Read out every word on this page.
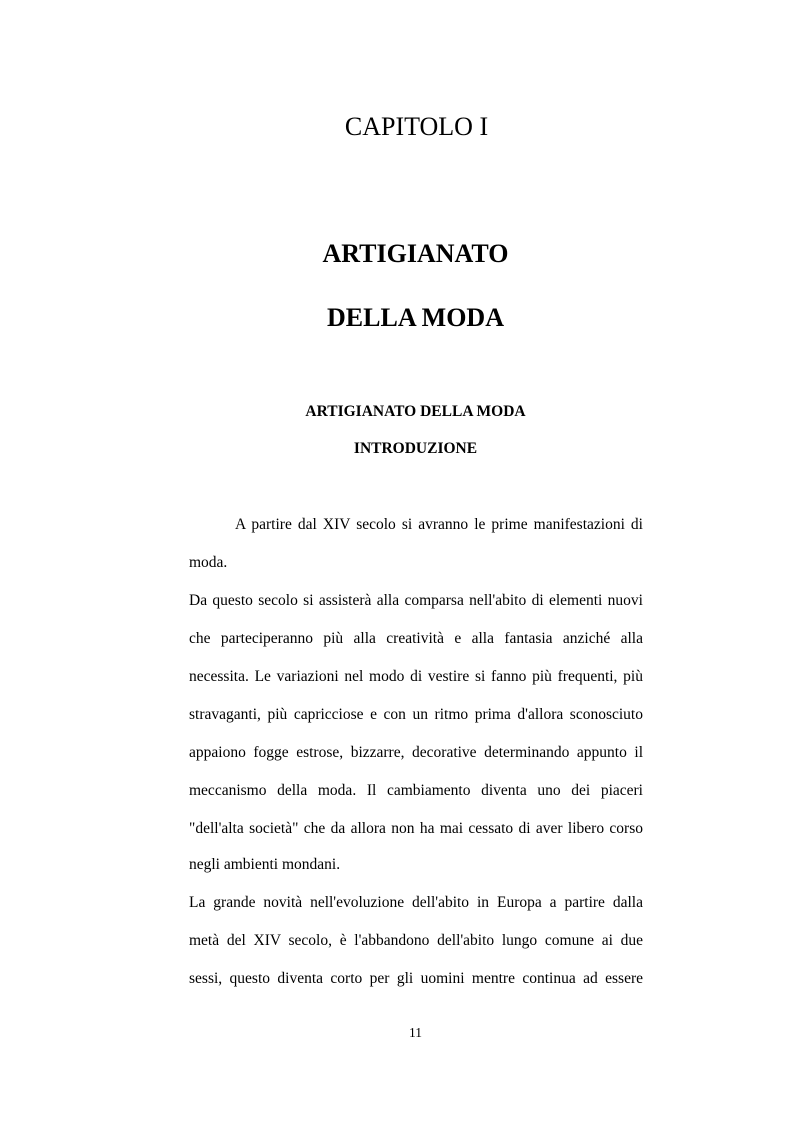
CAPITOLO I
ARTIGIANATO
DELLA MODA
ARTIGIANATO DELLA MODA
INTRODUZIONE
A partire dal XIV secolo si avranno le prime manifestazioni di
moda.
Da questo secolo si assisterà alla comparsa nell'abito di elementi nuovi
che parteciperanno più alla creatività e alla fantasia anziché alla
necessita. Le variazioni nel modo di vestire si fanno più frequenti, più
stravaganti, più capricciose e con un ritmo prima d'allora sconosciuto
appaiono fogge estrose, bizzarre, decorative determinando appunto il
meccanismo della moda. Il cambiamento diventa uno dei piaceri
"dell'alta società" che da allora non ha mai cessato di aver libero corso
negli ambienti mondani.
La grande novità nell'evoluzione dell'abito in Europa a partire dalla
metà del XIV secolo, è l'abbandono dell'abito lungo comune ai due
sessi, questo diventa corto per gli uomini mentre continua ad essere
11
